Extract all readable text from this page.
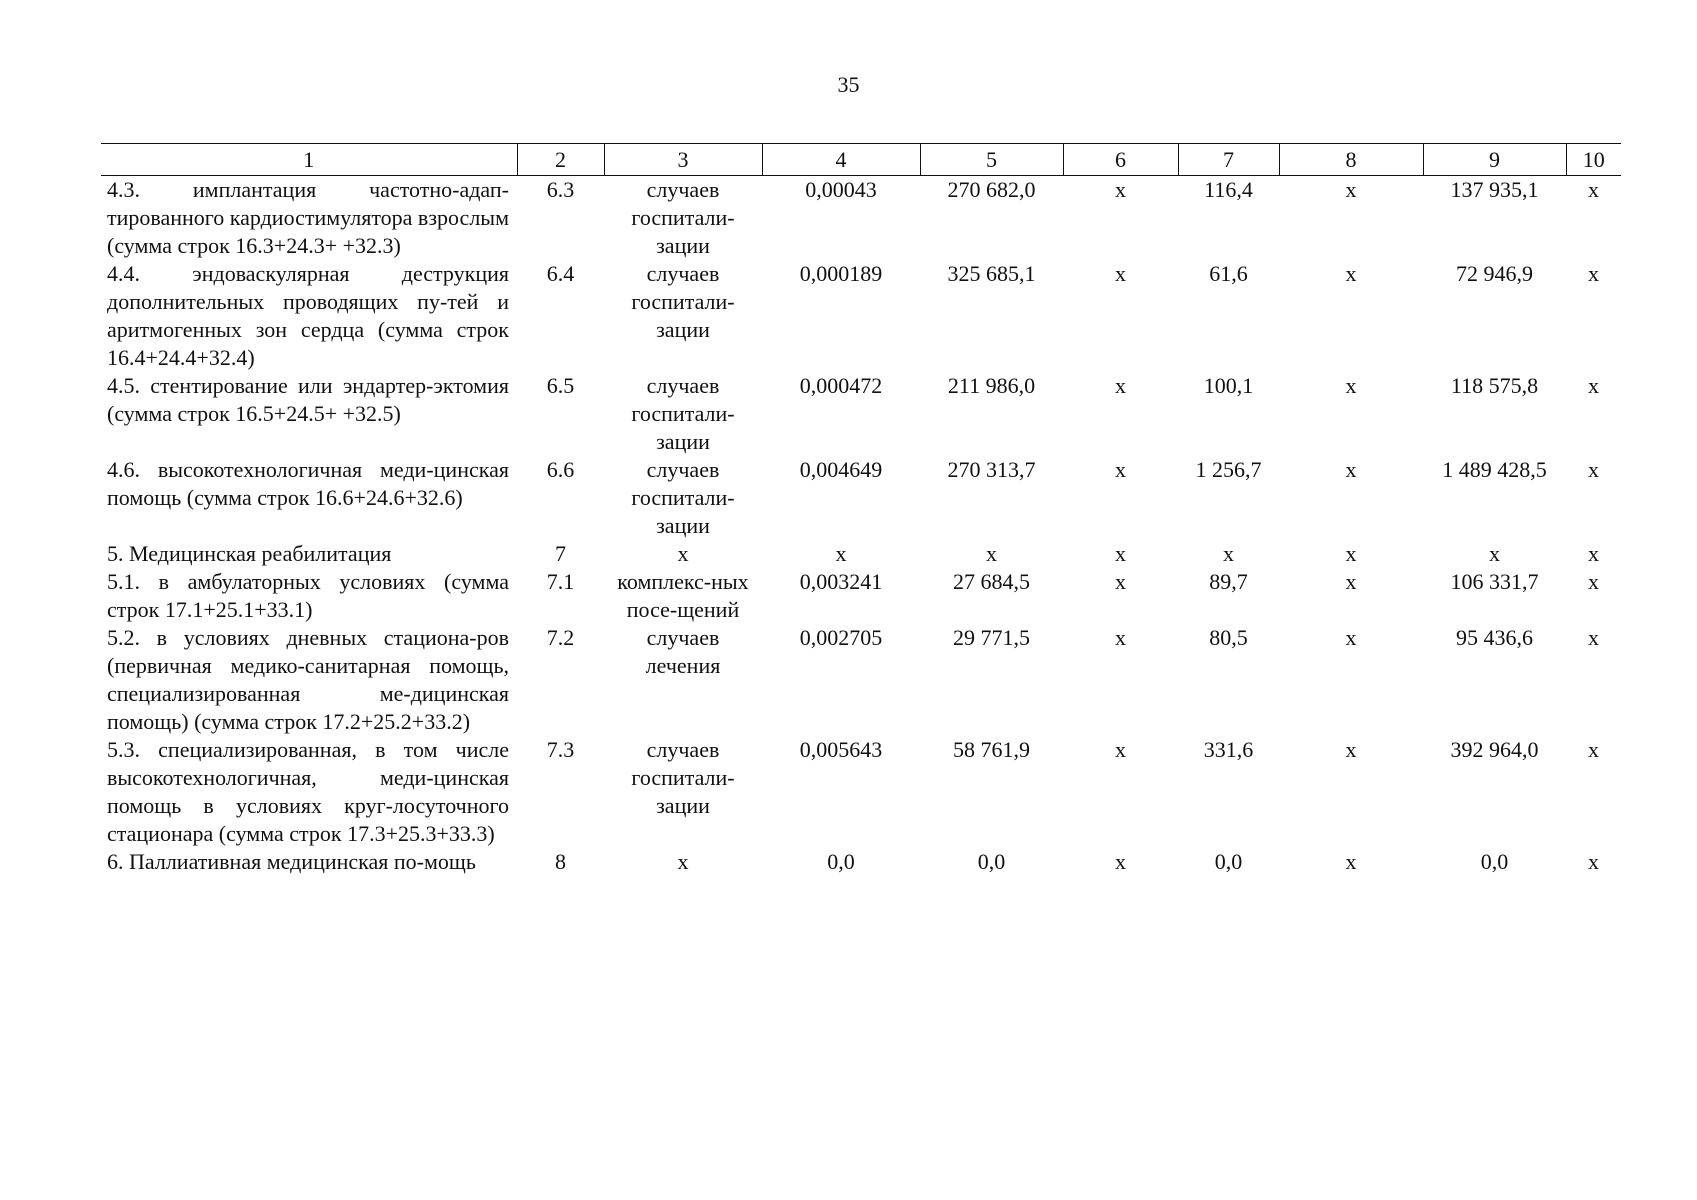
35
1	2	3	4	5	6	7	8	9	10
4.3. имплантация частотно-адап-тированного кардиостимулятора взрослым (сумма строк 16.3+24.3+ +32.3)	6.3	случаев госпитали-зации	0,00043	270 682,0	х	116,4	х	137 935,1	х
4.4. эндоваскулярная деструкция дополнительных проводящих пу-тей и аритмогенных зон сердца (сумма строк 16.4+24.4+32.4)	6.4	случаев госпитали-зации	0,000189	325 685,1	х	61,6	х	72 946,9	х
4.5. стентирование или эндартер-эктомия (сумма строк 16.5+24.5+ +32.5)	6.5	случаев госпитали-зации	0,000472	211 986,0	х	100,1	х	118 575,8	х
4.6. высокотехнологичная меди-цинская помощь (сумма строк 16.6+24.6+32.6)	6.6	случаев госпитали-зации	0,004649	270 313,7	х	1 256,7	х	1 489 428,5	х
5. Медицинская реабилитация	7	х	х	х	х	х	х	х	х
5.1. в амбулаторных условиях (сумма строк 17.1+25.1+33.1)	7.1	комплекс-ных посе-щений	0,003241	27 684,5	х	89,7	х	106 331,7	х
5.2. в условиях дневных стациона-ров (первичная медико-санитарная помощь, специализированная ме-дицинская помощь) (сумма строк 17.2+25.2+33.2)	7.2	случаев лечения	0,002705	29 771,5	х	80,5	х	95 436,6	х
5.3. специализированная, в том числе высокотехнологичная, меди-цинская помощь в условиях круг-лосуточного стационара (сумма строк 17.3+25.3+33.3)	7.3	случаев госпитали-зации	0,005643	58 761,9	х	331,6	х	392 964,0	х
6. Паллиативная медицинская по-мощь	8	х	0,0	0,0	х	0,0	х	0,0	х
